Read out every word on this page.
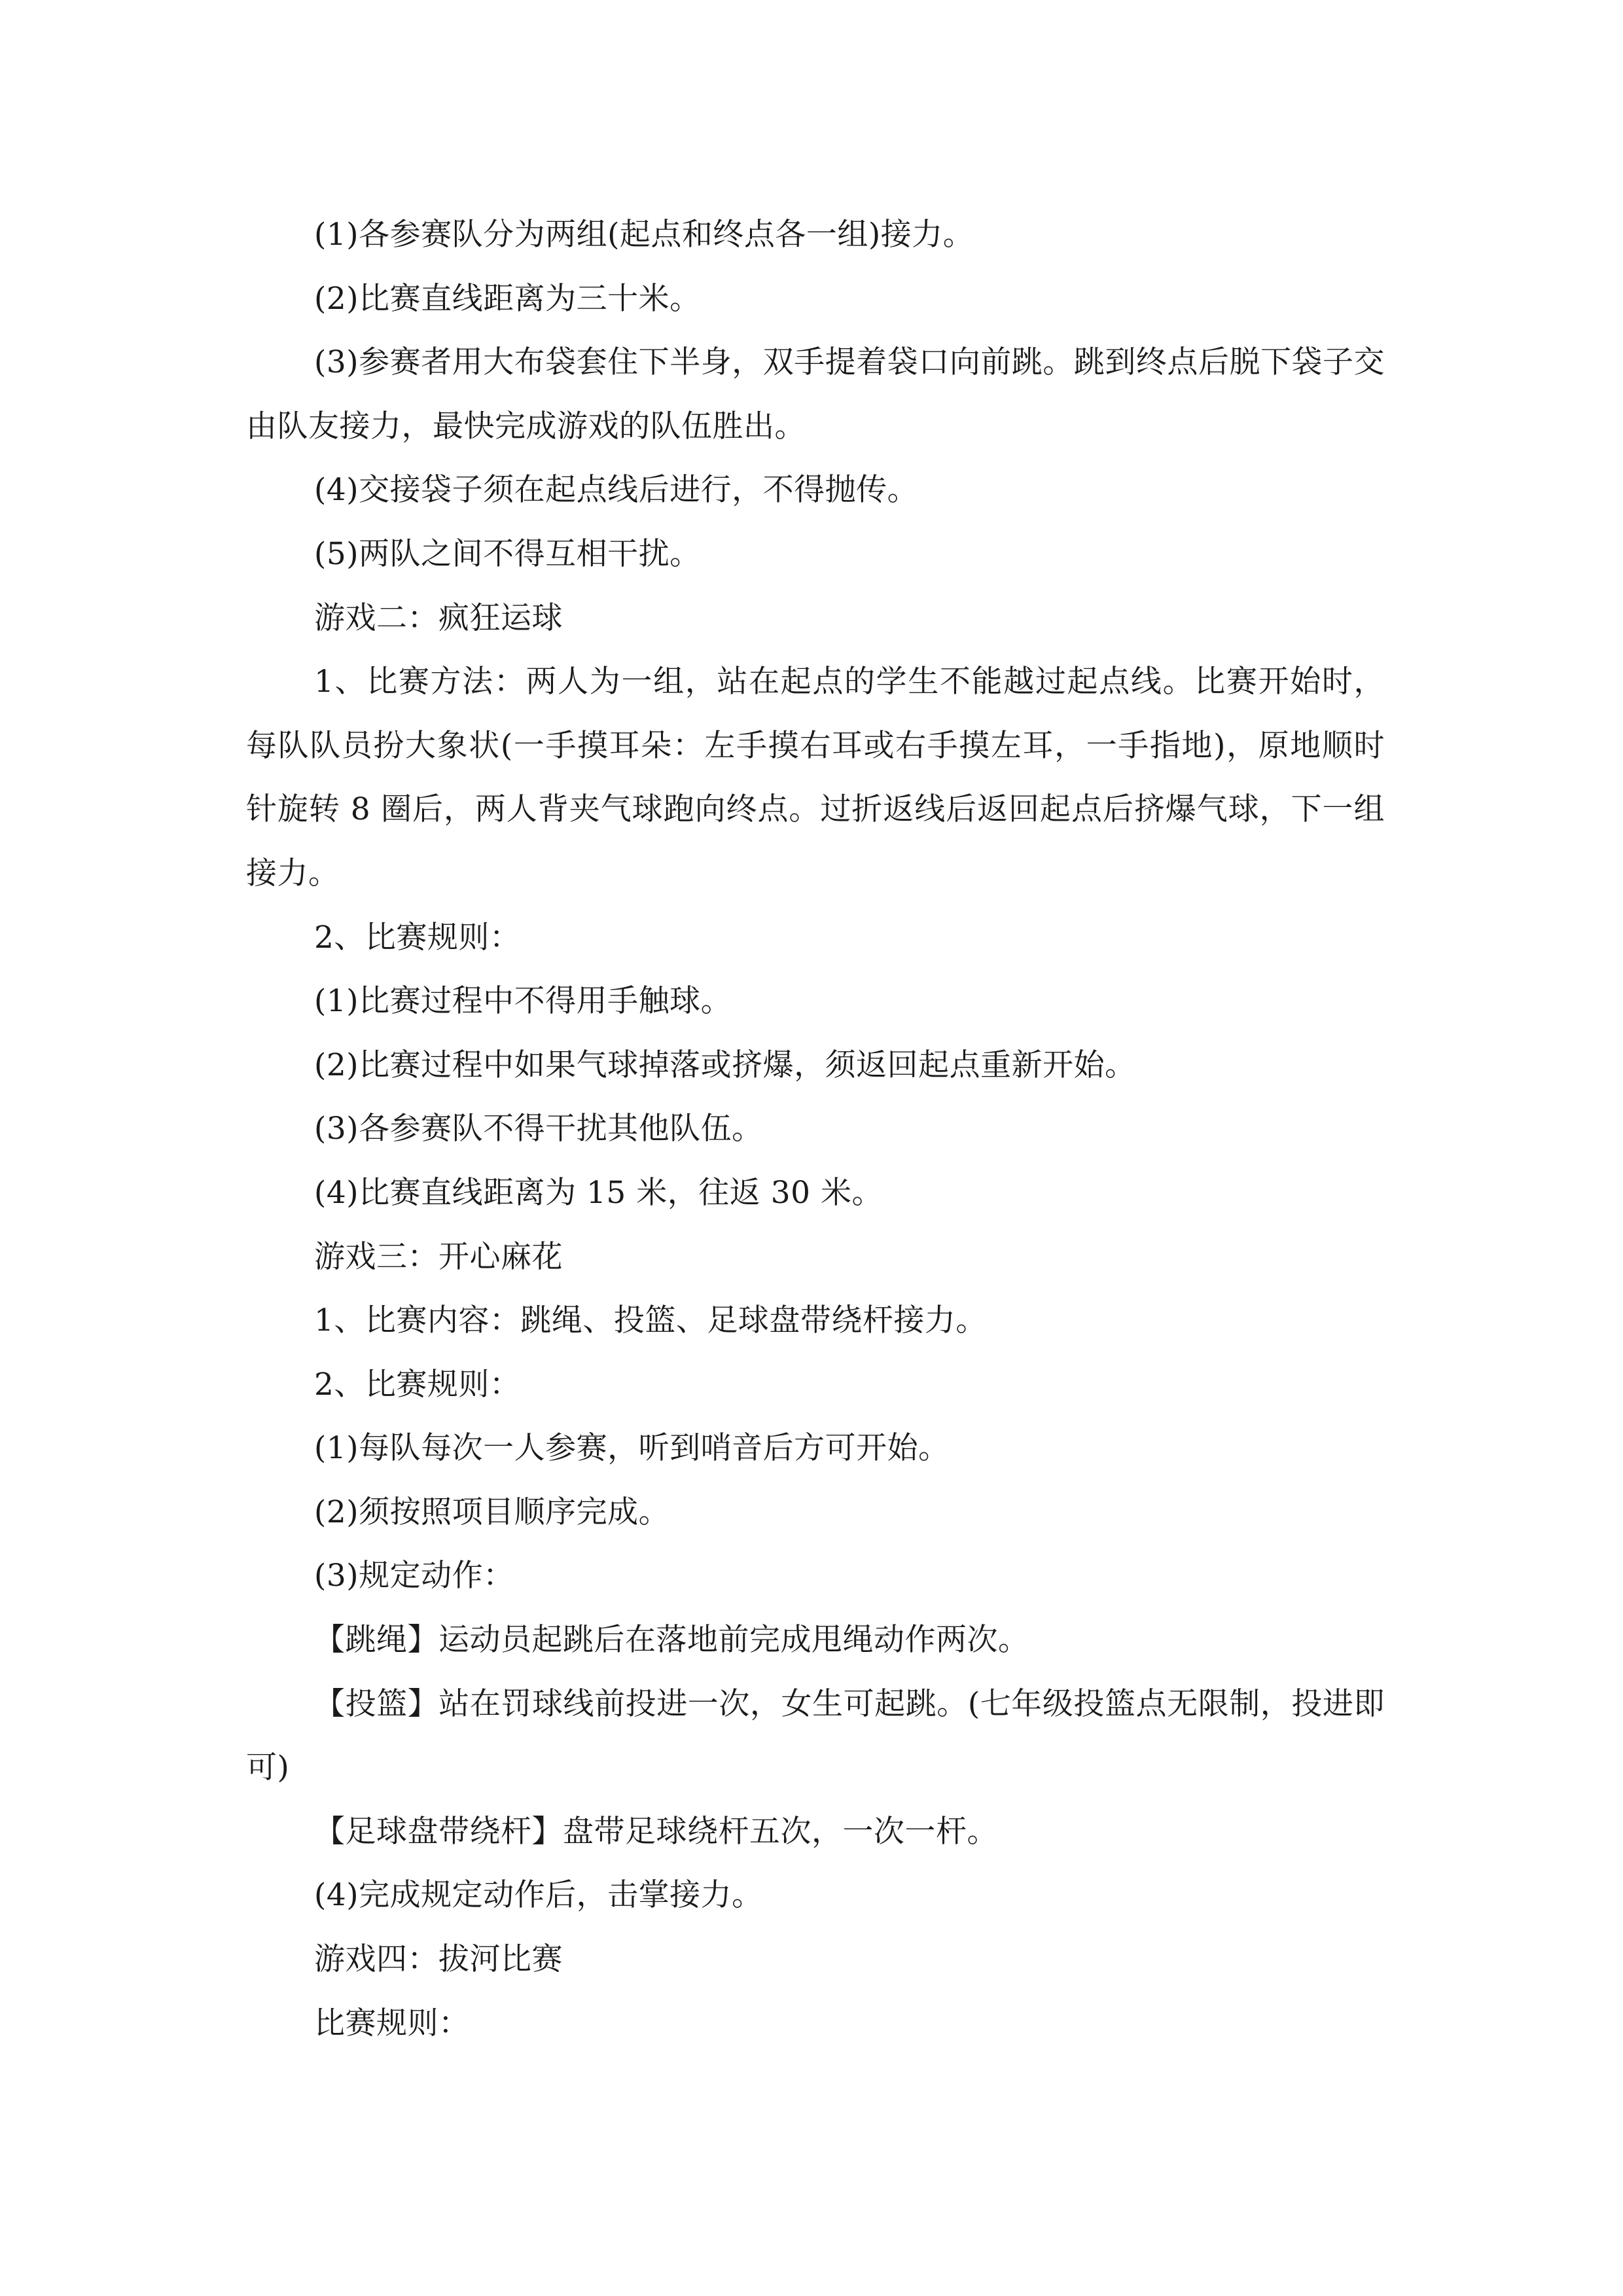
(1)各参赛队分为两组(起点和终点各一组)接力。

(2)比赛直线距离为三十米。

(3)参赛者用大布袋套住下半身，双手提着袋口向前跳。跳到终点后脱下袋子交由队友接力，最快完成游戏的队伍胜出。

(4)交接袋子须在起点线后进行，不得抛传。

(5)两队之间不得互相干扰。

游戏二：疯狂运球

1、比赛方法：两人为一组，站在起点的学生不能越过起点线。比赛开始时，每队队员扮大象状(一手摸耳朵：左手摸右耳或右手摸左耳，一手指地)，原地顺时针旋转 8 圈后，两人背夹气球跑向终点。过折返线后返回起点后挤爆气球，下一组接力。

2、比赛规则：

(1)比赛过程中不得用手触球。

(2)比赛过程中如果气球掉落或挤爆，须返回起点重新开始。

(3)各参赛队不得干扰其他队伍。

(4)比赛直线距离为 15 米，往返 30 米。

游戏三：开心麻花

1、比赛内容：跳绳、投篮、足球盘带绕杆接力。

2、比赛规则：

(1)每队每次一人参赛，听到哨音后方可开始。

(2)须按照项目顺序完成。

(3)规定动作：

【跳绳】运动员起跳后在落地前完成甩绳动作两次。

【投篮】站在罚球线前投进一次，女生可起跳。(七年级投篮点无限制，投进即可)

【足球盘带绕杆】盘带足球绕杆五次，一次一杆。

(4)完成规定动作后，击掌接力。

游戏四：拔河比赛

比赛规则：
